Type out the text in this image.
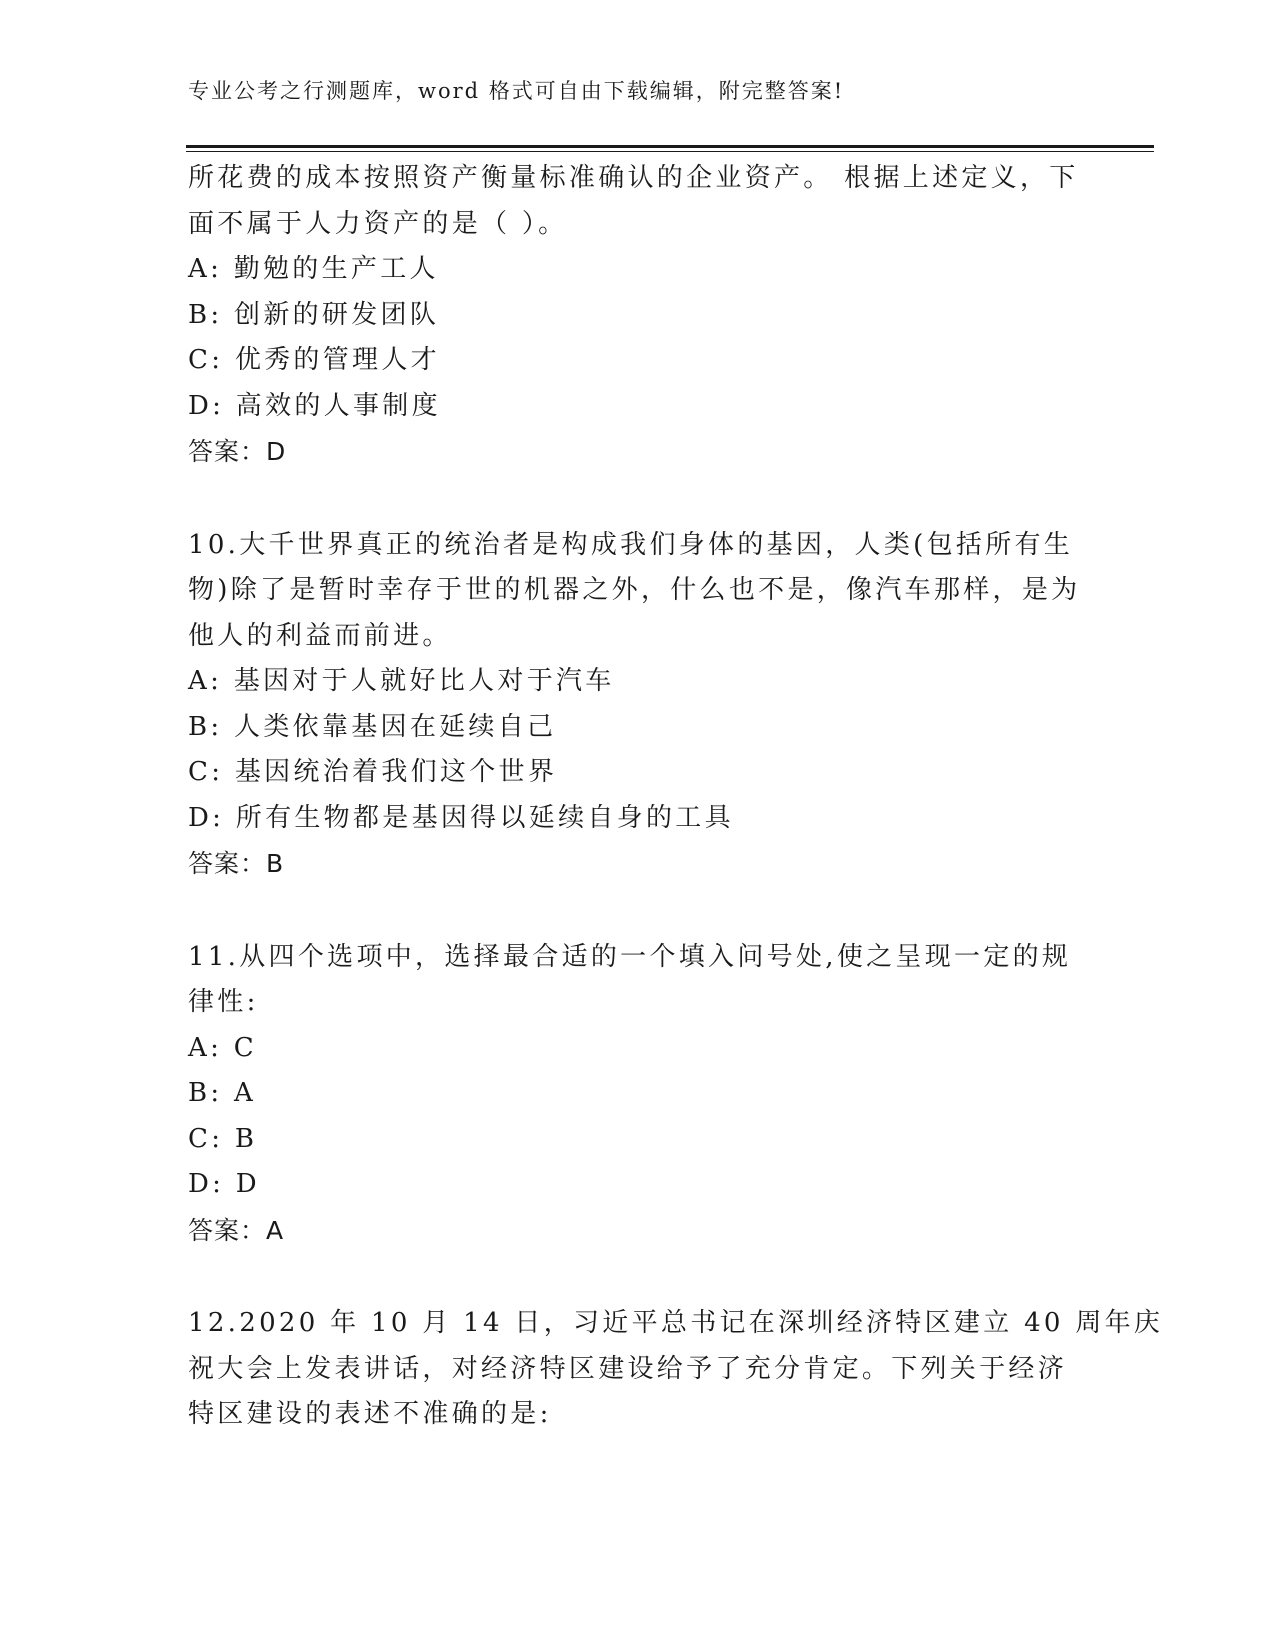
专业公考之行测题库，word 格式可自由下载编辑，附完整答案!
所花费的成本按照资产衡量标准确认的企业资产。 根据上述定义，下
面不属于人力资产的是（ ）。
A: 勤勉的生产工人
B: 创新的研发团队
C: 优秀的管理人才
D: 高效的人事制度
答案：D
10.大千世界真正的统治者是构成我们身体的基因，人类(包括所有生
物)除了是暂时幸存于世的机器之外，什么也不是，像汽车那样，是为
他人的利益而前进。
A: 基因对于人就好比人对于汽车
B: 人类依靠基因在延续自己
C: 基因统治着我们这个世界
D: 所有生物都是基因得以延续自身的工具
答案：B
11.从四个选项中，选择最合适的一个填入问号处,使之呈现一定的规
律性:
A: C
B: A
C: B
D: D
答案：A
12.2020 年 10 月 14 日，习近平总书记在深圳经济特区建立 40 周年庆
祝大会上发表讲话，对经济特区建设给予了充分肯定。下列关于经济
特区建设的表述不准确的是:
